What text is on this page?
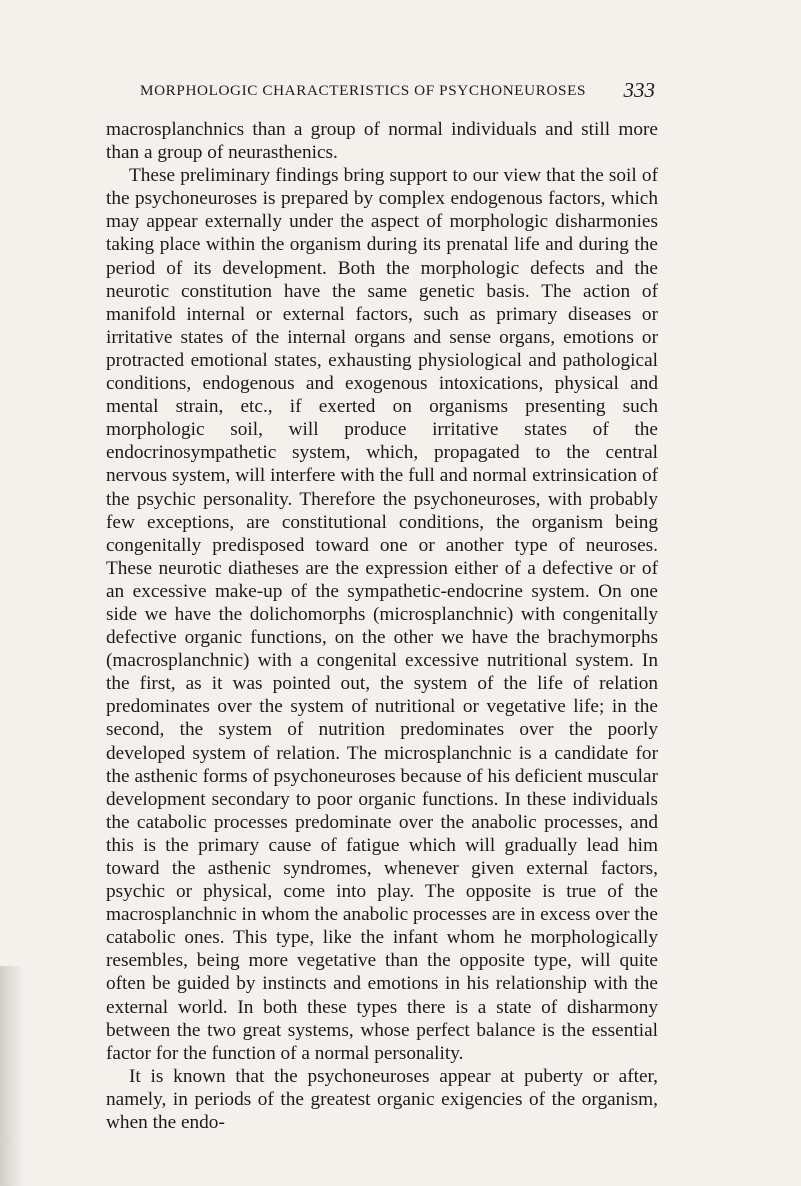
MORPHOLOGIC CHARACTERISTICS OF PSYCHONEUROSES 333

macrosplanchnics than a group of normal individuals and still more than a group of neurasthenics.

These preliminary findings bring support to our view that the soil of the psychoneuroses is prepared by complex endogenous factors, which may appear externally under the aspect of morphologic disharmonies taking place within the organism during its prenatal life and during the period of its development. Both the morphologic defects and the neurotic constitution have the same genetic basis. The action of manifold internal or external factors, such as primary diseases or irritative states of the internal organs and sense organs, emotions or protracted emotional states, exhausting physiological and pathological conditions, endogenous and exogenous intoxications, physical and mental strain, etc., if exerted on organisms presenting such morphologic soil, will produce irritative states of the endocrinosympathetic system, which, propagated to the central nervous system, will interfere with the full and normal extrinsication of the psychic personality. Therefore the psychoneuroses, with probably few exceptions, are constitutional conditions, the organism being congenitally predisposed toward one or another type of neuroses. These neurotic diatheses are the expression either of a defective or of an excessive make-up of the sympathetic-endocrine system. On one side we have the dolichomorphs (microsplanchnic) with congenitally defective organic functions, on the other we have the brachymorphs (macrosplanchnic) with a congenital excessive nutritional system. In the first, as it was pointed out, the system of the life of relation predominates over the system of nutritional or vegetative life; in the second, the system of nutrition predominates over the poorly developed system of relation. The microsplanchnic is a candidate for the asthenic forms of psychoneuroses because of his deficient muscular development secondary to poor organic functions. In these individuals the catabolic processes predominate over the anabolic processes, and this is the primary cause of fatigue which will gradually lead him toward the asthenic syndromes, whenever given external factors, psychic or physical, come into play. The opposite is true of the macrosplanchnic in whom the anabolic processes are in excess over the catabolic ones. This type, like the infant whom he morphologically resembles, being more vegetative than the opposite type, will quite often be guided by instincts and emotions in his relationship with the external world. In both these types there is a state of disharmony between the two great systems, whose perfect balance is the essential factor for the function of a normal personality.

It is known that the psychoneuroses appear at puberty or after, namely, in periods of the greatest organic exigencies of the organism, when the endo-
